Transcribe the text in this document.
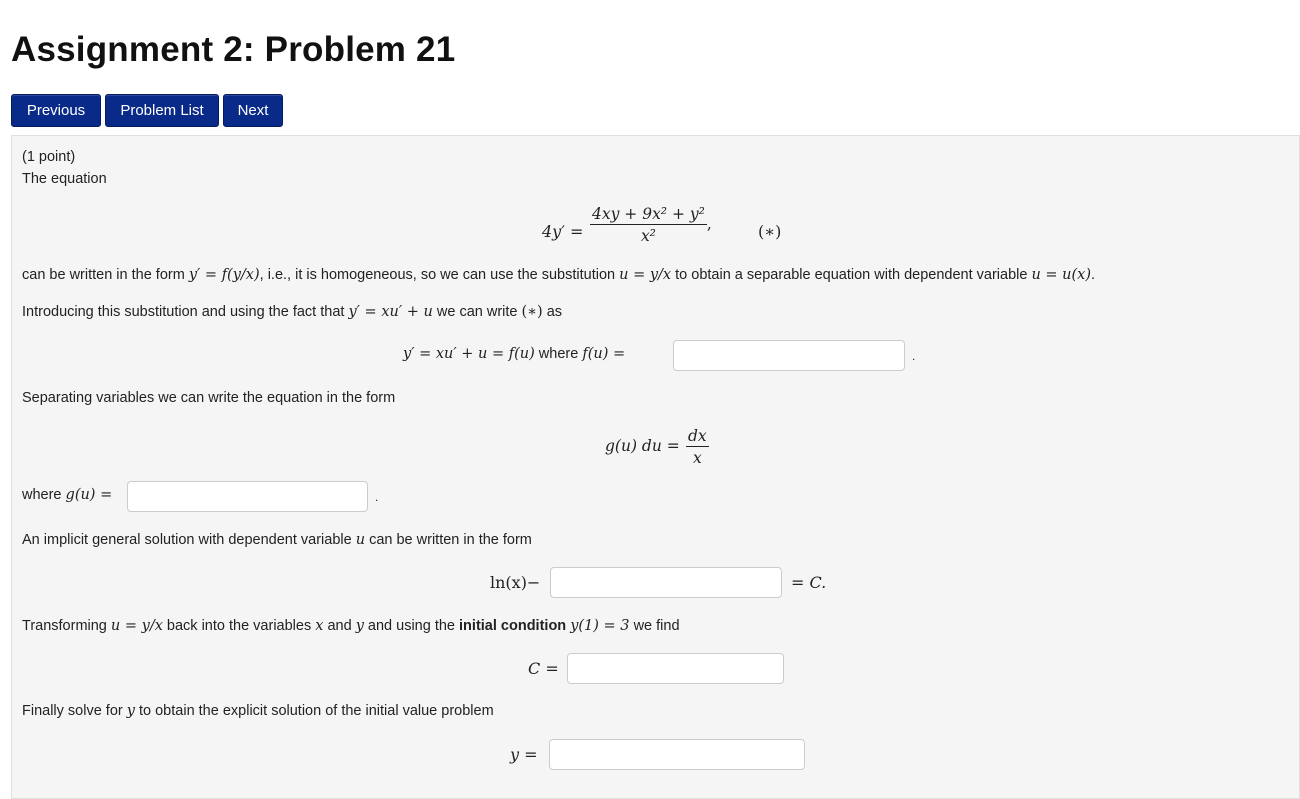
Assignment 2: Problem 21
Previous	Problem List	Next
(1 point)
The equation
$4y' = \frac{\text{4xy + 9x² + y²}}{\text{x²}}$ ,	(∗)
can be written in the form y′ = f(y/x), i.e., it is homogeneous, so we can use the substitution u = y/x to obtain a separable equation with dependent variable u = u(x).
Introducing this substitution and using the fact that y′ = xu′ + u we can write (∗) as
y′ = xu′ + u = f(u) where f(u) =	.
Separating variables we can write the equation in the form
g(u) du = $\frac{dx}{x}$
where g(u) =	.
An implicit general solution with dependent variable u can be written in the form
ln(x)−	= C.
Transforming u = y/x back into the variables x and y and using the initial condition y(1) = 3 we find
C =
Finally solve for y to obtain the explicit solution of the initial value problem
y =
